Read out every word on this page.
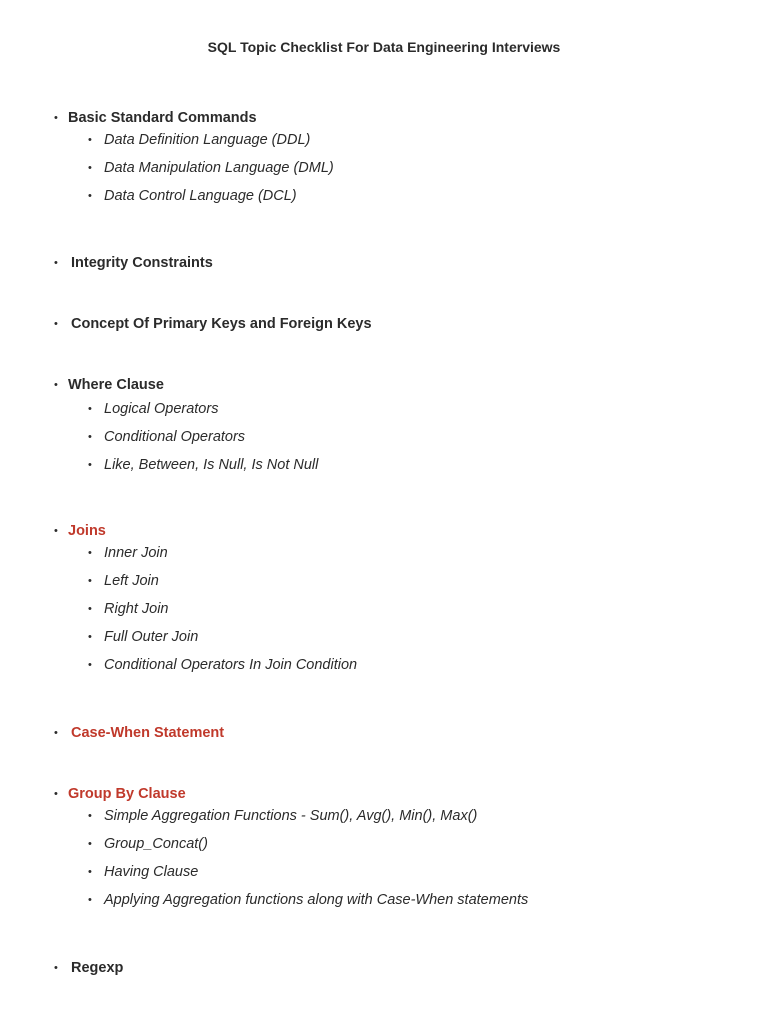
SQL Topic Checklist For Data Engineering Interviews
• Basic Standard Commands
• Data Definition Language (DDL)
• Data Manipulation Language (DML)
• Data Control Language (DCL)
• Integrity Constraints
• Concept Of Primary Keys and Foreign Keys
• Where Clause
• Logical Operators
• Conditional Operators
• Like, Between, Is Null, Is Not Null
• Joins
• Inner Join
• Left Join
• Right Join
• Full Outer Join
• Conditional Operators In Join Condition
• Case-When Statement
• Group By Clause
• Simple Aggregation Functions - Sum(), Avg(), Min(), Max()
• Group_Concat()
• Having Clause
• Applying Aggregation functions along with Case-When statements
• Regexp
